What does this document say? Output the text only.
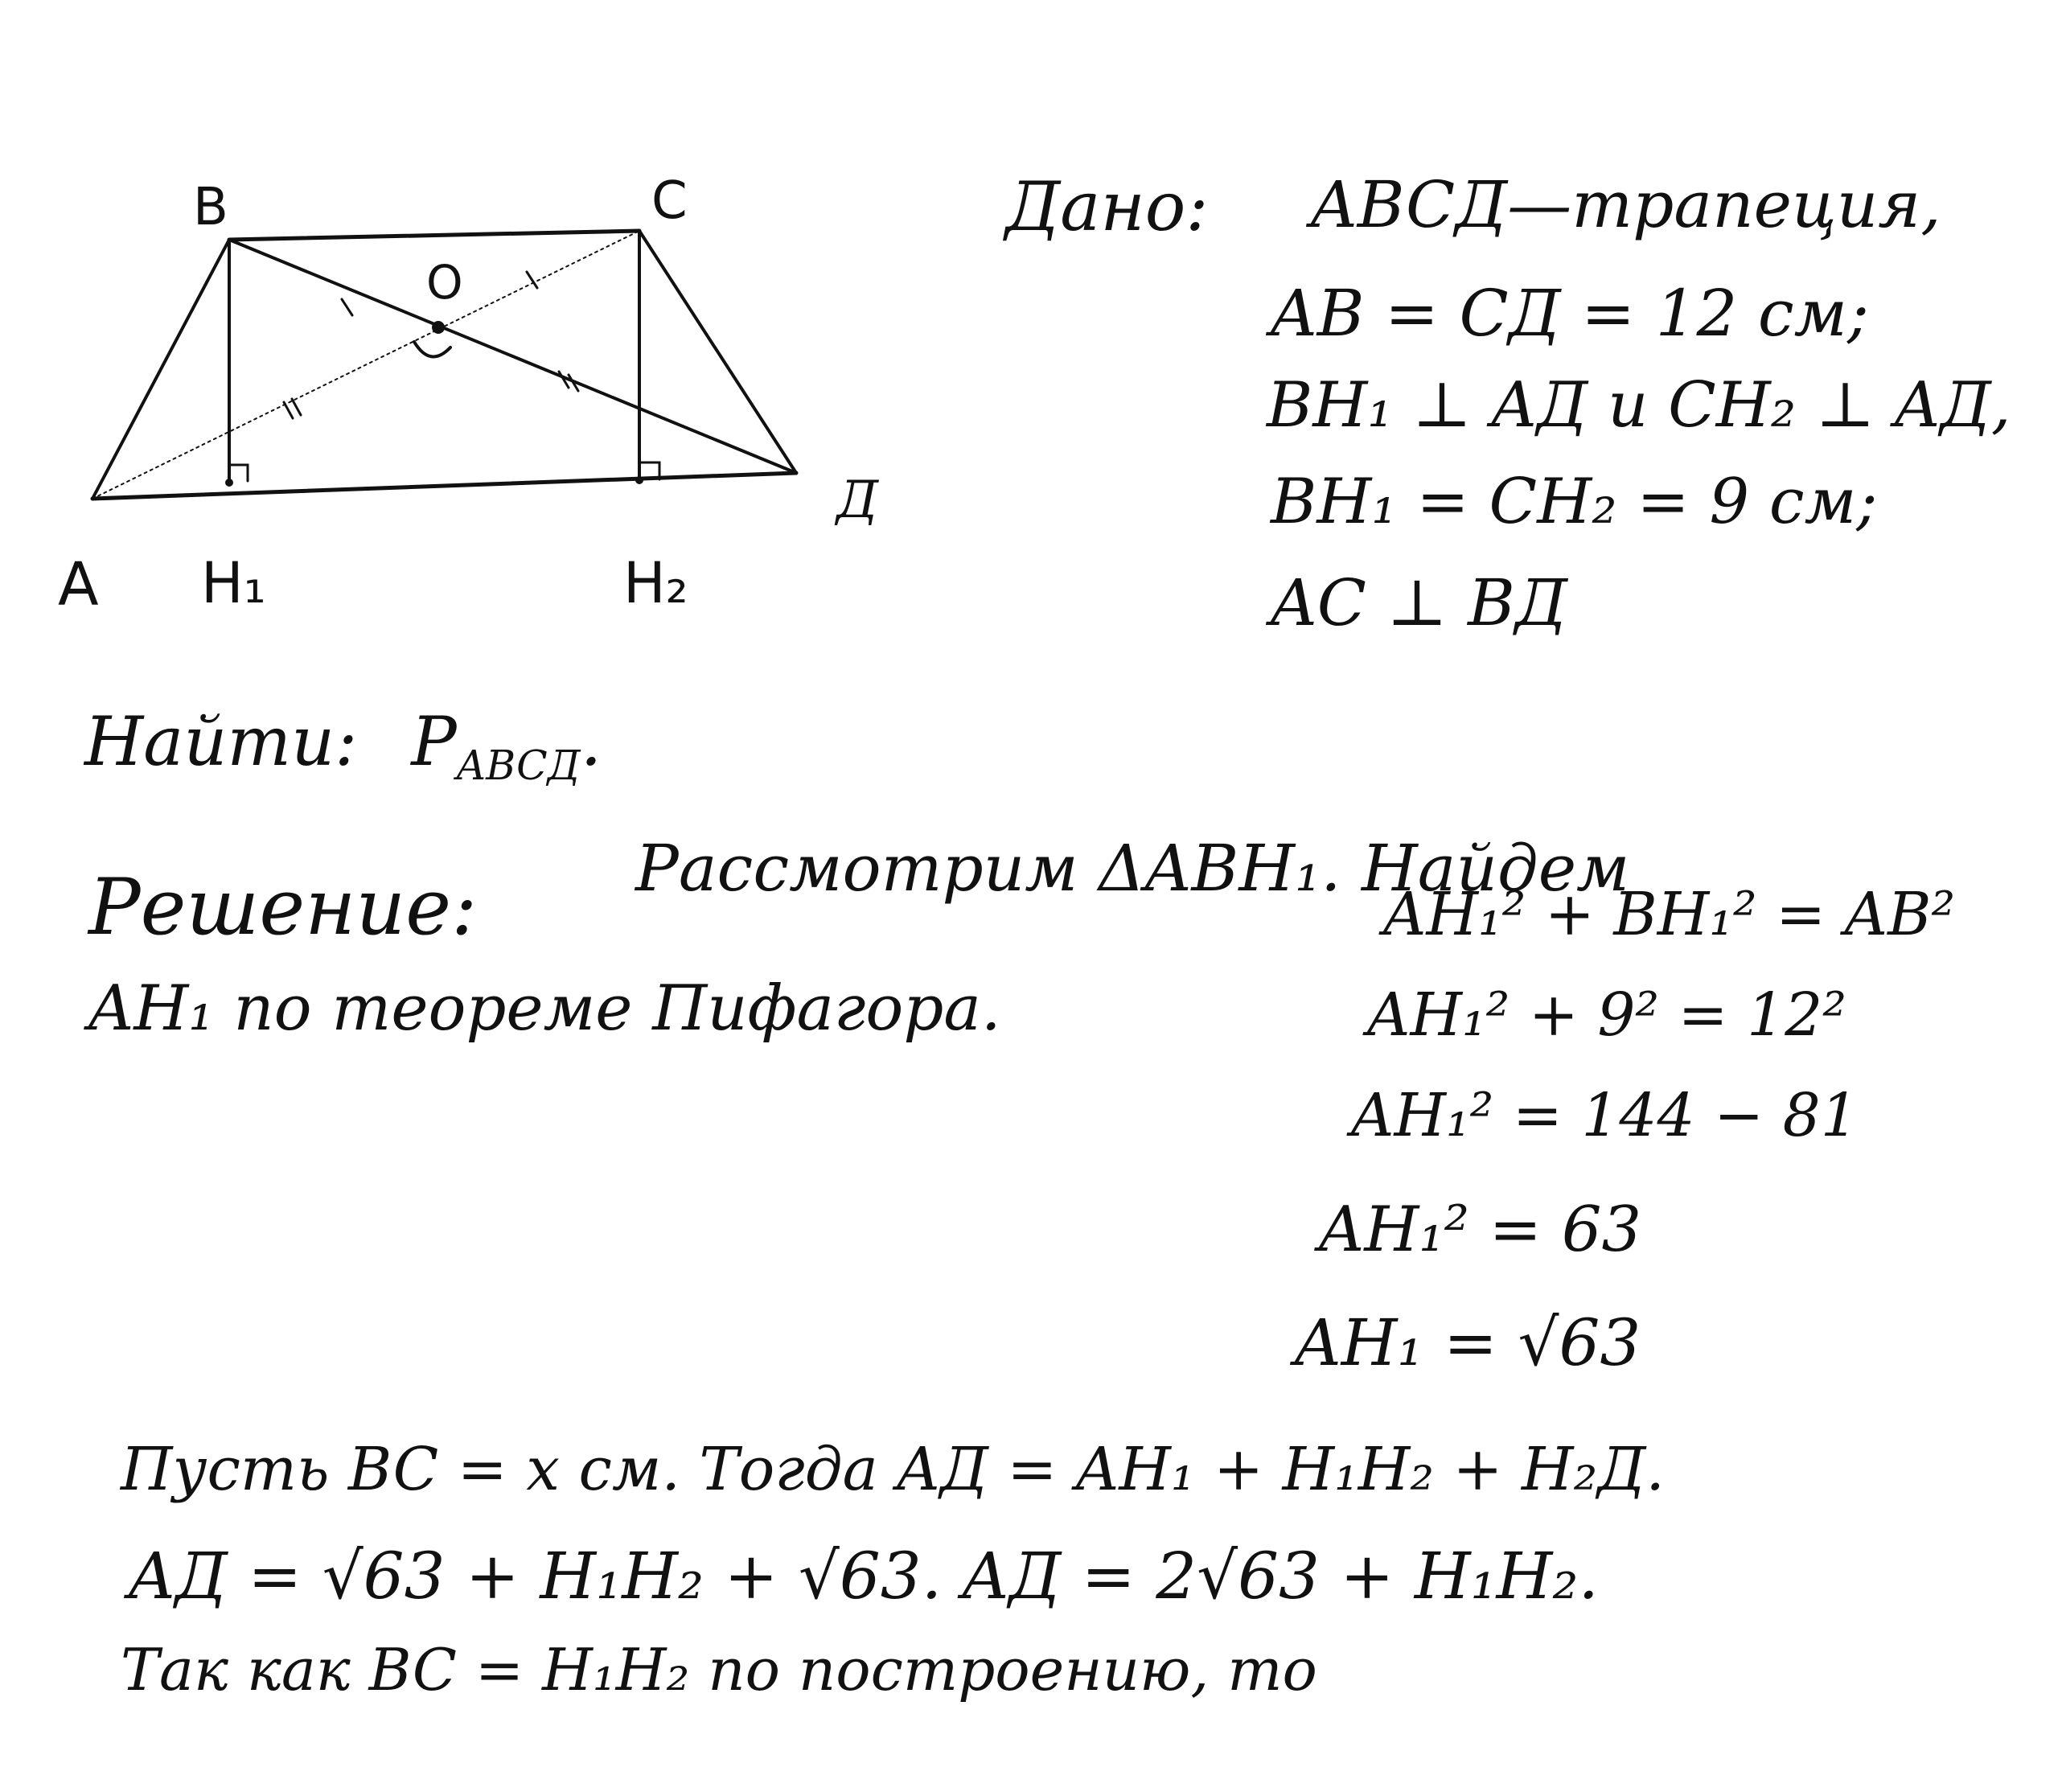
B	C
O
Д
A H₁	H₂
Дано: ABCД—трапеция,
AB = CД = 12 см;
BH₁ ⊥ AД и CH₂ ⊥ AД,
BH₁ = CH₂ = 9 см;
AC ⊥ BД
Найти: $P_{ABCД}$.
Решение: Рассмотрим ΔABH₁. Найдем
AH₁ по теореме Пифагора.
AH₁² + BH₁² = AB²
AH₁² + 9² = 12²
AH₁² = 144 − 81
AH₁² = 63
AH₁ = √63
Пусть BC = x см. Тогда AД = AH₁ + H₁H₂ + H₂Д.
AД = √63 + H₁H₂ + √63. AД = 2√63 + H₁H₂.
Так как BC = H₁H₂ по построению, то
